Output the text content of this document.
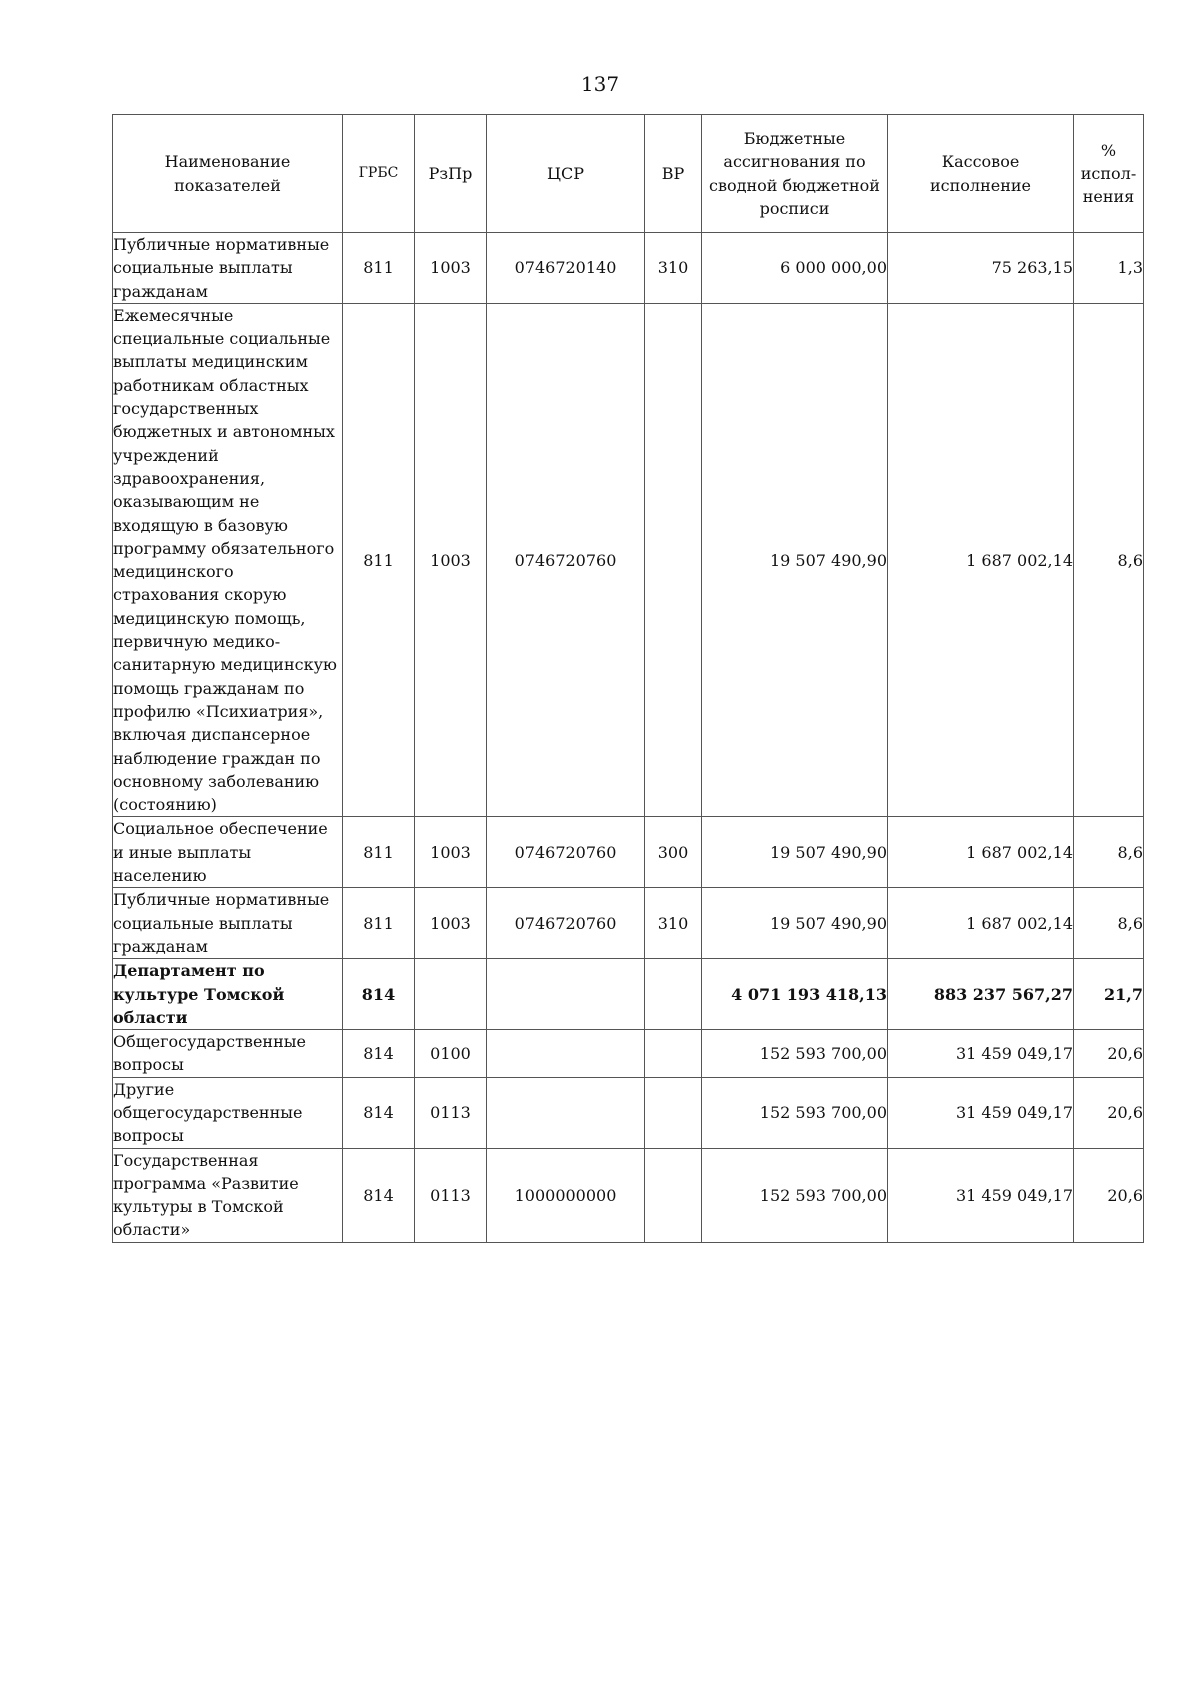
137
Наименование показателей	ГРБС	РзПр	ЦСР	ВР	Бюджетные ассигнования по сводной бюджетной росписи	Кассовое исполнение	% испол-нения
Публичные нормативные социальные выплаты гражданам	811	1003	0746720140	310	6 000 000,00	75 263,15	1,3
Ежемесячные специальные социальные выплаты медицинским работникам областных государственных бюджетных и автономных учреждений здравоохранения, оказывающим не входящую в базовую программу обязательного медицинского страхования скорую медицинскую помощь, первичную медико-санитарную медицинскую помощь гражданам по профилю «Психиатрия», включая диспансерное наблюдение граждан по основному заболеванию (состоянию)	811	1003	0746720760		19 507 490,90	1 687 002,14	8,6
Социальное обеспечение и иные выплаты населению	811	1003	0746720760	300	19 507 490,90	1 687 002,14	8,6
Публичные нормативные социальные выплаты гражданам	811	1003	0746720760	310	19 507 490,90	1 687 002,14	8,6
Департамент по культуре Томской области	814				4 071 193 418,13	883 237 567,27	21,7
Общегосударственные вопросы	814	0100			152 593 700,00	31 459 049,17	20,6
Другие общегосударственные вопросы	814	0113			152 593 700,00	31 459 049,17	20,6
Государственная программа «Развитие культуры в Томской области»	814	0113	1000000000		152 593 700,00	31 459 049,17	20,6
